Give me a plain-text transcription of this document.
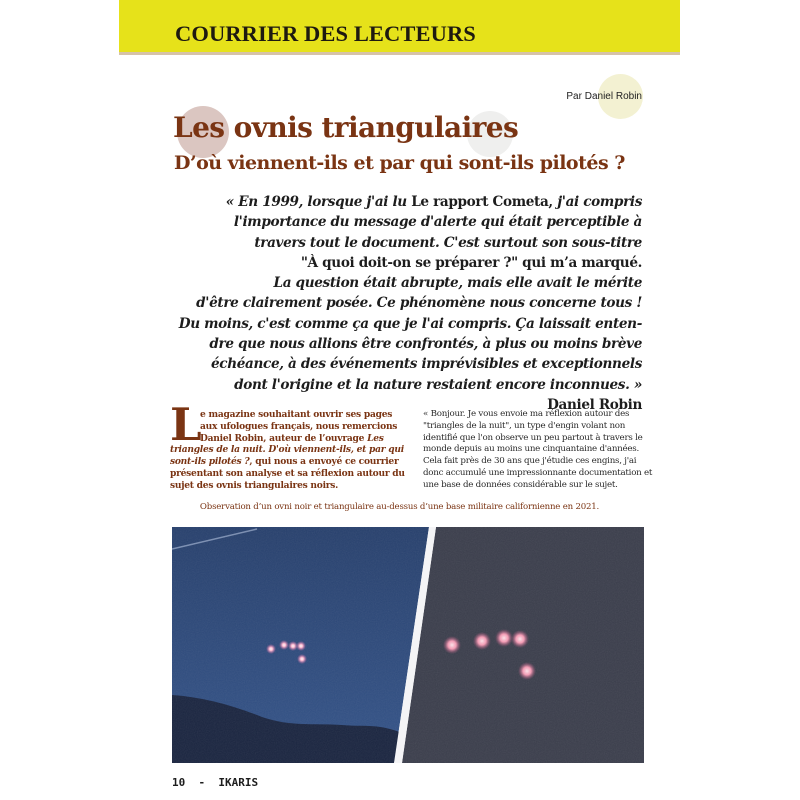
COURRIER DES LECTEURS
Par Daniel Robin
Les ovnis triangulaires
D’où viennent-ils et par qui sont-ils pilotés ?
« En 1999, lorsque j'ai lu Le rapport Cometa, j'ai compris
l'importance du message d'alerte qui était perceptible à
travers tout le document. C'est surtout son sous-titre
"À quoi doit-on se préparer ?" qui m’a marqué.
La question était abrupte, mais elle avait le mérite
d'être clairement posée. Ce phénomène nous concerne tous !
Du moins, c'est comme ça que je l'ai compris. Ça laissait enten-
dre que nous allions être confrontés, à plus ou moins brève
échéance, à des événements imprévisibles et exceptionnels
dont l'origine et la nature restaient encore inconnues. »
Daniel Robin
L
e magazine souhaitant ouvrir ses pages
aux ufologues français, nous remercions
Daniel Robin, auteur de l’ouvrage Les
triangles de la nuit. D'où viennent-ils, et par qui
sont-ils pilotés ?, qui nous a envoyé ce courrier
présentant son analyse et sa réflexion autour du
sujet des ovnis triangulaires noirs.
« Bonjour. Je vous envoie ma réflexion autour des
"triangles de la nuit", un type d'engin volant non
identifié que l'on observe un peu partout à travers le
monde depuis au moins une cinquantaine d'années.
Cela fait près de 30 ans que j'étudie ces engins, j'ai
donc accumulé une impressionnante documentation et
une base de données considérable sur le sujet.
Observation d’un ovni noir et triangulaire au-dessus d’une base militaire californienne en 2021.
10 - IKARIS
